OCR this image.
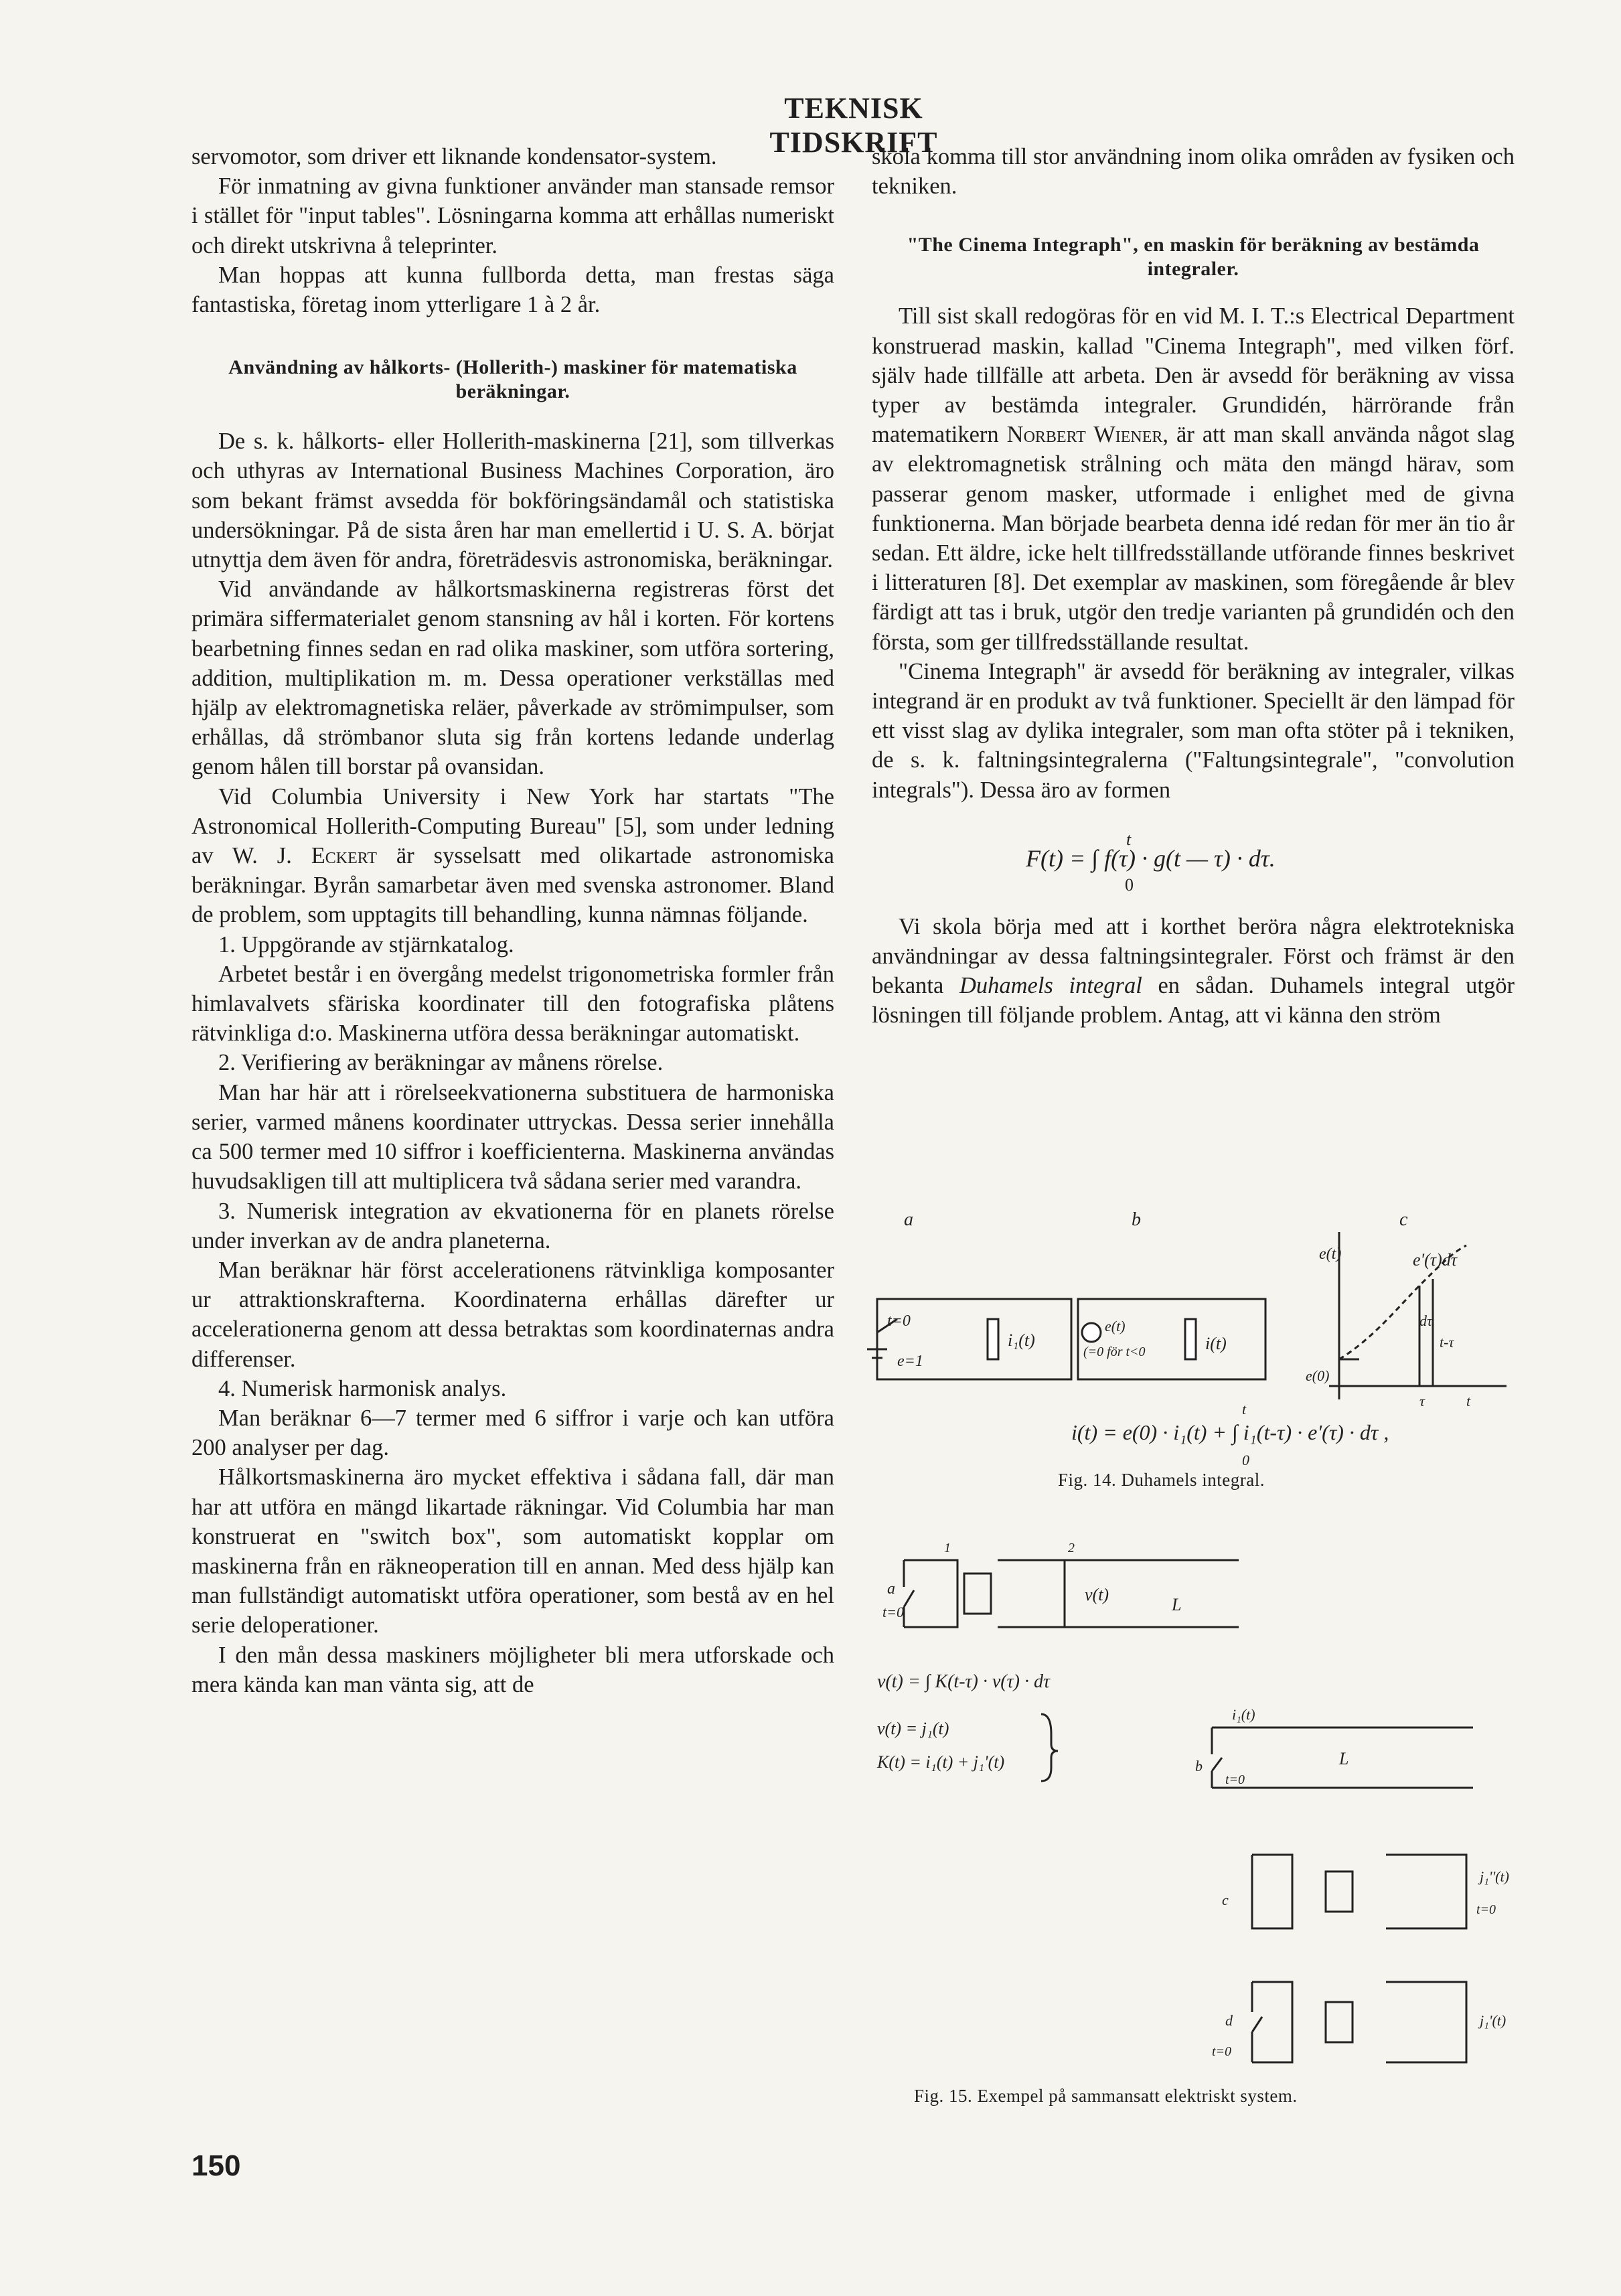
TEKNISK TIDSKRIFT

servomotor, som driver ett liknande kondensator-system.

För inmatning av givna funktioner använder man stansade remsor i stället för "input tables". Lösningarna komma att erhållas numeriskt och direkt utskrivna å teleprinter.

Man hoppas att kunna fullborda detta, man frestas säga fantastiska, företag inom ytterligare 1 à 2 år.

Användning av hålkorts- (Hollerith-) maskiner för matematiska beräkningar.

De s. k. hålkorts- eller Hollerith-maskinerna [21], som tillverkas och uthyras av International Business Machines Corporation, äro som bekant främst avsedda för bokföringsändamål och statistiska undersökningar. På de sista åren har man emellertid i U. S. A. börjat utnyttja dem även för andra, företrädesvis astronomiska, beräkningar.

Vid användande av hålkortsmaskinerna registreras först det primära siffermaterialet genom stansning av hål i korten. För kortens bearbetning finnes sedan en rad olika maskiner, som utföra sortering, addition, multiplikation m. m. Dessa operationer verkställas med hjälp av elektromagnetiska reläer, påverkade av strömimpulser, som erhållas, då strömbanor sluta sig från kortens ledande underlag genom hålen till borstar på ovansidan.

Vid Columbia University i New York har startats "The Astronomical Hollerith-Computing Bureau" [5], som under ledning av W. J. Eckert är sysselsatt med olikartade astronomiska beräkningar. Byrån samarbetar även med svenska astronomer. Bland de problem, som upptagits till behandling, kunna nämnas följande.

1. Uppgörande av stjärnkatalog.

Arbetet består i en övergång medelst trigonometriska formler från himlavalvets sfäriska koordinater till den fotografiska plåtens rätvinkliga d:o. Maskinerna utföra dessa beräkningar automatiskt.

2. Verifiering av beräkningar av månens rörelse.

Man har här att i rörelseekvationerna substituera de harmoniska serier, varmed månens koordinater uttryckas. Dessa serier innehålla ca 500 termer med 10 siffror i koefficienterna. Maskinerna användas huvudsakligen till att multiplicera två sådana serier med varandra.

3. Numerisk integration av ekvationerna för en planets rörelse under inverkan av de andra planeterna.

Man beräknar här först accelerationens rätvinkliga komposanter ur attraktionskrafterna. Koordinaterna erhållas därefter ur accelerationerna genom att dessa betraktas som koordinaternas andra differenser.

4. Numerisk harmonisk analys.

Man beräknar 6—7 termer med 6 siffror i varje och kan utföra 200 analyser per dag.

Hålkortsmaskinerna äro mycket effektiva i sådana fall, där man har att utföra en mängd likartade räkningar. Vid Columbia har man konstruerat en "switch box", som automatiskt kopplar om maskinerna från en räkneoperation till en annan. Med dess hjälp kan man fullständigt automatiskt utföra operationer, som bestå av en hel serie deloperationer.

I den mån dessa maskiners möjligheter bli mera utforskade och mera kända kan man vänta sig, att de

skola komma till stor användning inom olika områden av fysiken och tekniken.

"The Cinema Integraph", en maskin för beräkning av bestämda integraler.

Till sist skall redogöras för en vid M. I. T.:s Electrical Department konstruerad maskin, kallad "Cinema Integraph", med vilken förf. själv hade tillfälle att arbeta. Den är avsedd för beräkning av vissa typer av bestämda integraler. Grundidén, härrörande från matematikern Norbert Wiener, är att man skall använda något slag av elektromagnetisk strålning och mäta den mängd härav, som passerar genom masker, utformade i enlighet med de givna funktionerna. Man började bearbeta denna idé redan för mer än tio år sedan. Ett äldre, icke helt tillfredsställande utförande finnes beskrivet i litteraturen [8]. Det exemplar av maskinen, som föregående år blev färdigt att tas i bruk, utgör den tredje varianten på grundidén och den första, som ger tillfredsställande resultat.

"Cinema Integraph" är avsedd för beräkning av integraler, vilkas integrand är en produkt av två funktioner. Speciellt är den lämpad för ett visst slag av dylika integraler, som man ofta stöter på i tekniken, de s. k. faltningsintegralerna ("Faltungsintegrale", "convolution integrals"). Dessa äro av formen

t
F(t) = ∫ f(τ) · g(t — τ) · dτ.
0

Vi skola börja med att i korthet beröra några elektrotekniska användningar av dessa faltningsintegraler. Först och främst är den bekanta Duhamels integral en sådan. Duhamels integral utgör lösningen till följande problem. Antag, att vi känna den ström

a	b	c
t=0
e=1
i₁(t)
e(t)
(=0 för t<0	i(t)
e(t)	e'(τ)dτ
dτ
t-τ
e(0)
τ	t
t
i(t) = e(0) · i₁(t) + ∫ i₁(t-τ) · e'(τ) · dτ ,
0
Fig. 14. Duhamels integral.
a
t=0
v(t)
L
1	2
v(t) = ∫ K(t-τ) · v(τ) · dτ
v(t) = j₁(t)
K(t) = i₁(t) + j₁'(t)
i₁(t)
b
t=0
L
c
j₁''(t)
t=0
d
t=0
j₁'(t)
Fig. 15. Exempel på sammansatt elektriskt system.
150
